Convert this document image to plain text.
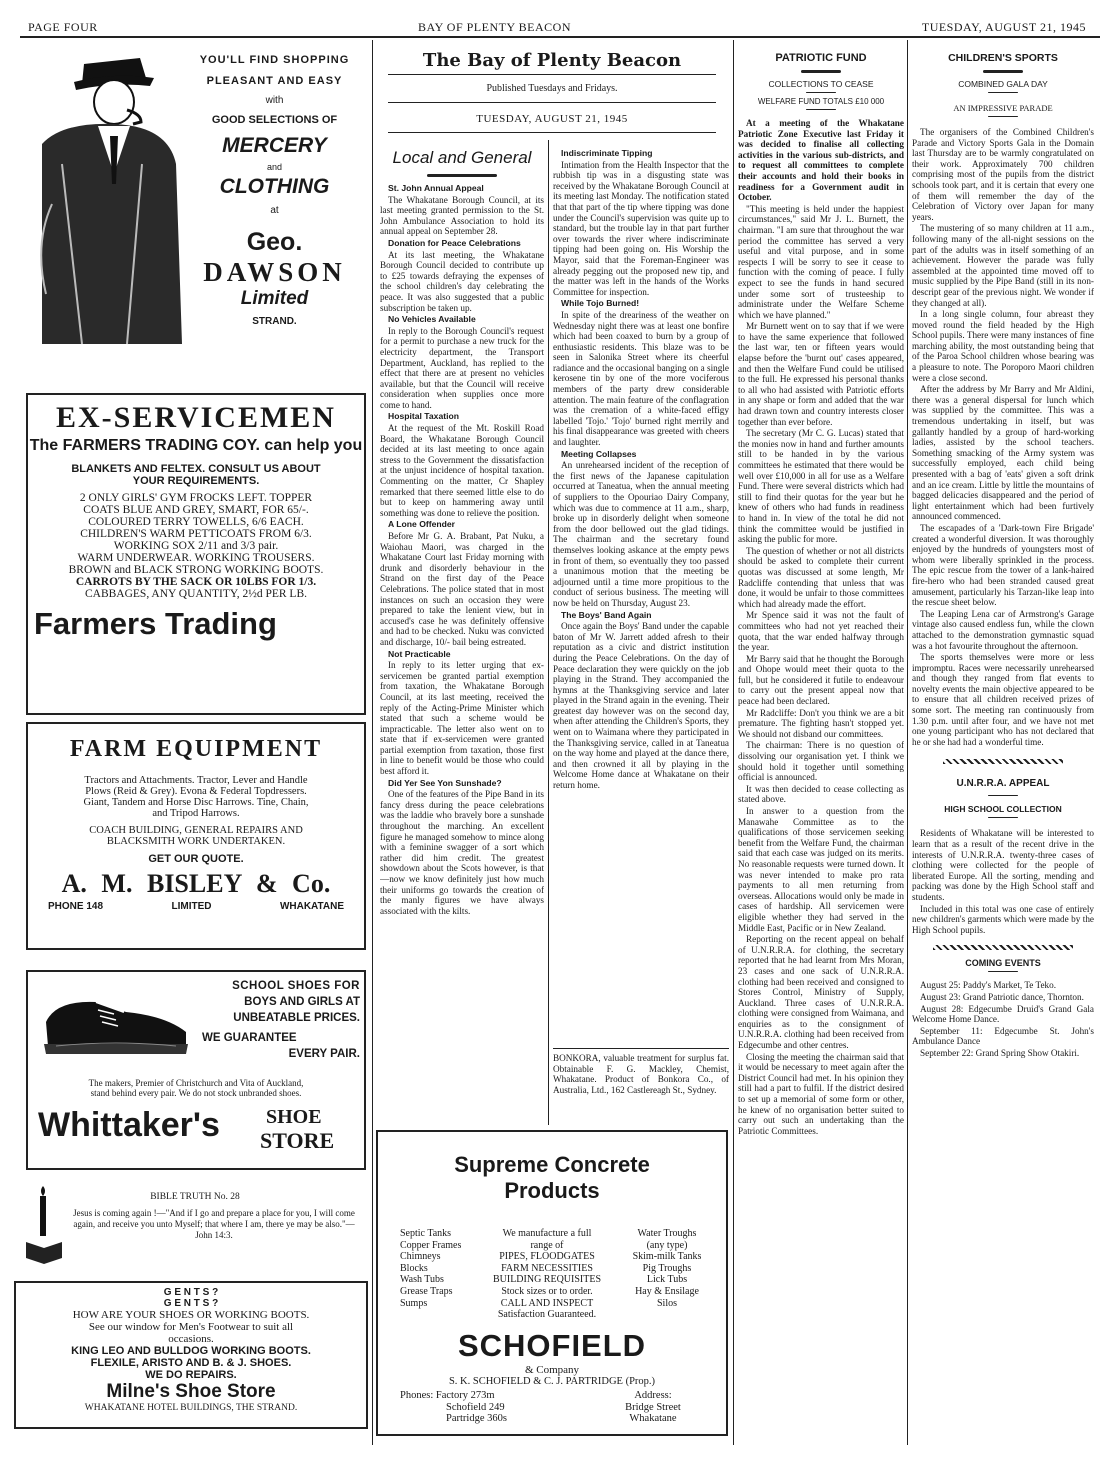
PAGE FOUR	BAY OF PLENTY BEACON	TUESDAY, AUGUST 21, 1945

YOU'LL FIND SHOPPING

PLEASANT AND EASY

with

GOOD SELECTIONS OF

MERCERY

and

CLOTHING

at

Geo.

DAWSON

Limited

STRAND.

EX-SERVICEMEN

The FARMERS TRADING COY. can help you

BLANKETS AND FELTEX. CONSULT US ABOUT

YOUR REQUIREMENTS.

2 ONLY GIRLS' GYM FROCKS LEFT. TOPPER

COATS BLUE AND GREY, SMART, FOR 65/-.

COLOURED TERRY TOWELLS, 6/6 EACH.

CHILDREN'S WARM PETTICOATS FROM 6/3.

WORKING SOX 2/11 and 3/3 pair.

WARM UNDERWEAR. WORKING TROUSERS.

BROWN and BLACK STRONG WORKING BOOTS.

CARROTS BY THE SACK OR 10LBS FOR 1/3.

CABBAGES, ANY QUANTITY, 2½d PER LB.

Farmers Trading

FARM EQUIPMENT

Tractors and Attachments. Tractor, Lever and Handle

Plows (Reid & Grey). Evona & Federal Topdressers.

Giant, Tandem and Horse Disc Harrows. Tine, Chain,

and Tripod Harrows.

COACH BUILDING, GENERAL REPAIRS AND

BLACKSMITH WORK UNDERTAKEN.

GET OUR QUOTE.

A. M. BISLEY & Co.

PHONE 148	LIMITED	WHAKATANE

SCHOOL SHOES FOR

BOYS AND GIRLS AT

UNBEATABLE PRICES.

WE GUARANTEE

EVERY PAIR.

The makers, Premier of Christchurch and Vita of Auckland,

stand behind every pair. We do not stock unbranded shoes.

Whittaker's SHOE
STORE

BIBLE TRUTH No. 28

Jesus is coming again !—"And if I go and prepare a place for you, I will come again, and receive you unto Myself; that where I am, there ye may be also."—John 14:3.

G E N T S ?

G E N T S ?

HOW ARE YOUR SHOES OR WORKING BOOTS.

See our window for Men's Footwear to suit all

occasions.

KING LEO AND BULLDOG WORKING BOOTS.

FLEXILE, ARISTO AND B. & J. SHOES.

WE DO REPAIRS.

Milne's Shoe Store

WHAKATANE HOTEL BUILDINGS, THE STRAND.

The Bay of Plenty Beacon

Published Tuesdays and Fridays.

TUESDAY, AUGUST 21, 1945

Local and General

St. John Annual Appeal

The Whakatane Borough Council, at its last meeting granted permission to the St. John Ambulance Association to hold its annual appeal on September 28.

Donation for Peace Celebrations

At its last meeting, the Whakatane Borough Council decided to contribute up to £25 towards defraying the expenses of the school children's day celebrating the peace. It was also suggested that a public subscription be taken up.

No Vehicles Available

In reply to the Borough Council's request for a permit to purchase a new truck for the electricity department, the Transport Department, Auckland, has replied to the effect that there are at present no vehicles available, but that the Council will receive consideration when supplies once more come to hand.

Hospital Taxation

At the request of the Mt. Roskill Road Board, the Whakatane Borough Council decided at its last meeting to once again stress to the Government the dissatisfaction at the unjust incidence of hospital taxation. Commenting on the matter, Cr Shapley remarked that there seemed little else to do but to keep on hammering away until something was done to relieve the position.

A Lone Offender

Before Mr G. A. Brabant, Pat Nuku, a Waiohau Maori, was charged in the Whakatane Court last Friday morning with drunk and disorderly behaviour in the Strand on the first day of the Peace Celebrations. The police stated that in most instances on such an occasion they were prepared to take the lenient view, but in accused's case he was definitely offensive and had to be checked. Nuku was convicted and discharge, 10/- bail being estreated.

Not Practicable

In reply to its letter urging that ex-servicemen be granted partial exemption from taxation, the Whakatane Borough Council, at its last meeting, received the reply of the Acting-Prime Minister which stated that such a scheme would be impracticable. The letter also went on to state that if ex-servicemen were granted partial exemption from taxation, those first in line to benefit would be those who could best afford it.

Did Yer See Yon Sunshade?

One of the features of the Pipe Band in its fancy dress during the peace celebrations was the laddie who bravely bore a sunshade throughout the marching. An excellent figure he managed somehow to mince along with a feminine swagger of a sort which rather did him credit. The greatest showdown about the Scots however, is that—now we know definitely just how much their uniforms go towards the creation of the manly figures we have always associated with the kilts.

Indiscriminate Tipping

Intimation from the Health Inspector that the rubbish tip was in a disgusting state was received by the Whakatane Borough Council at its meeting last Monday. The notification stated that that part of the tip where tipping was done under the Council's supervision was quite up to standard, but the trouble lay in that part further over towards the river where indiscriminate tipping had been going on. His Worship the Mayor, said that the Foreman-Engineer was already pegging out the proposed new tip, and the matter was left in the hands of the Works Committee for inspection.

While Tojo Burned!

In spite of the dreariness of the weather on Wednesday night there was at least one bonfire which had been coaxed to burn by a group of enthusiastic residents. This blaze was to be seen in Salonika Street where its cheerful radiance and the occasional banging on a single kerosene tin by one of the more vociferous members of the party drew considerable attention. The main feature of the conflagration was the cremation of a white-faced effigy labelled 'Tojo.' 'Tojo' burned right merrily and his final disappearance was greeted with cheers and laughter.

Meeting Collapses

An unrehearsed incident of the reception of the first news of the Japanese capitulation occurred at Taneatua, when the annual meeting of suppliers to the Opouriao Dairy Company, which was due to commence at 11 a.m., sharp, broke up in disorderly delight when someone from the door bellowed out the glad tidings. The chairman and the secretary found themselves looking askance at the empty pews in front of them, so eventually they too passed a unanimous motion that the meeting be adjourned until a time more propitious to the conduct of serious business. The meeting will now be held on Thursday, August 23.

The Boys' Band Again

Once again the Boys' Band under the capable baton of Mr W. Jarrett added afresh to their reputation as a civic and district institution during the Peace Celebrations. On the day of Peace declaration they were quickly on the job playing in the Strand. They accompanied the hymns at the Thanksgiving service and later played in the Strand again in the evening. Their greatest day however was on the second day, when after attending the Children's Sports, they went on to Waimana where they participated in the Thanksgiving service, called in at Taneatua on the way home and played at the dance there, and then crowned it all by playing in the Welcome Home dance at Whakatane on their return home.

BONKORA, valuable treatment for surplus fat. Obtainable F. G. Mackley, Chemist, Whakatane. Product of Bonkora Co., of Australia, Ltd., 162 Castlereagh St., Sydney.

Supreme Concrete

Products

Septic Tanks

Copper Frames

Chimneys

Blocks

Wash Tubs

Grease Traps

Sumps

We manufacture a full

range of

PIPES, FLOODGATES

FARM NECESSITIES

BUILDING REQUISITES

Stock sizes or to order.

CALL AND INSPECT

Satisfaction Guaranteed.

Water Troughs

(any type)

Skim-milk Tanks

Pig Troughs

Lick Tubs

Hay & Ensilage

Silos

SCHOFIELD

& Company

S. K. SCHOFIELD & C. J. PARTRIDGE (Prop.)

Phones: Factory 273m

Schofield 249

Partridge 360s

Address:

Bridge Street

Whakatane

PATRIOTIC FUND

COLLECTIONS TO CEASE

WELFARE FUND TOTALS £10 000

At a meeting of the Whakatane Patriotic Zone Executive last Friday it was decided to finalise all collecting activities in the various sub-districts, and to request all committees to complete their accounts and hold their books in readiness for a Government audit in October.

"This meeting is held under the happiest circumstances," said Mr J. L. Burnett, the chairman. "I am sure that throughout the war period the committee has served a very useful and vital purpose, and in some respects I will be sorry to see it cease to function with the coming of peace. I fully expect to see the funds in hand secured under some sort of trusteeship to administrate under the Welfare Scheme which we have planned."

Mr Burnett went on to say that if we were to have the same experience that followed the last war, ten or fifteen years would elapse before the 'burnt out' cases appeared, and then the Welfare Fund could be utilised to the full. He expressed his personal thanks to all who had assisted with Patriotic efforts in any shape or form and added that the war had drawn town and country interests closer together than ever before.

The secretary (Mr C. G. Lucas) stated that the monies now in hand and further amounts still to be handed in by the various committees he estimated that there would be well over £10,000 in all for use as a Welfare Fund. There were several districts which had still to find their quotas for the year but he knew of others who had funds in readiness to hand in. In view of the total he did not think the committee would be justified in asking the public for more.

The question of whether or not all districts should be asked to complete their current quotas was discussed at some length, Mr Radcliffe contending that unless that was done, it would be unfair to those committees which had already made the effort.

Mr Spence said it was not the fault of committees who had not yet reached their quota, that the war ended halfway through the year.

Mr Barry said that he thought the Borough and Ohope would meet their quota to the full, but he considered it futile to endeavour to carry out the present appeal now that peace had been declared.

Mr Radcliffe: Don't you think we are a bit premature. The fighting hasn't stopped yet. We should not disband our committees.

The chairman: There is no question of dissolving our organisation yet. I think we should hold it together until something official is announced.

It was then decided to cease collecting as stated above.

In answer to a question from the Manawahe Committee as to the qualifications of those servicemen seeking benefit from the Welfare Fund, the chairman said that each case was judged on its merits. No reasonable requests were turned down. It was never intended to make pro rata payments to all men returning from overseas. Allocations would only be made in cases of hardship. All servicemen were eligible whether they had served in the Middle East, Pacific or in New Zealand.

Reporting on the recent appeal on behalf of U.N.R.R.A. for clothing, the secretary reported that he had learnt from Mrs Moran, 23 cases and one sack of U.N.R.R.A. clothing had been received and consigned to Stores Control, Ministry of Supply, Auckland. Three cases of U.N.R.R.A. clothing were consigned from Waimana, and enquiries as to the consignment of U.N.R.R.A. clothing had been received from Edgecumbe and other centres.

Closing the meeting the chairman said that it would be necessary to meet again after the District Council had met. In his opinion they still had a part to fulfil. If the district desired to set up a memorial of some form or other, he knew of no organisation better suited to carry out such an undertaking than the Patriotic Committees.

CHILDREN'S SPORTS

COMBINED GALA DAY

AN IMPRESSIVE PARADE

The organisers of the Combined Children's Parade and Victory Sports Gala in the Domain last Thursday are to be warmly congratulated on their work. Approximately 700 children comprising most of the pupils from the district schools took part, and it is certain that every one of them will remember the day of the Celebration of Victory over Japan for many years.

The mustering of so many children at 11 a.m., following many of the all-night sessions on the part of the adults was in itself something of an achievement. However the parade was fully assembled at the appointed time moved off to music supplied by the Pipe Band (still in its non-descript gear of the previous night. We wonder if they changed at all).

In a long single column, four abreast they moved round the field headed by the High School pupils. There were many instances of fine marching ability, the most outstanding being that of the Paroa School children whose bearing was a pleasure to note. The Poroporo Maori children were a close second.

After the address by Mr Barry and Mr Aldini, there was a general dispersal for lunch which was supplied by the committee. This was a tremendous undertaking in itself, but was gallantly handled by a group of hard-working ladies, assisted by the school teachers. Something smacking of the Army system was successfully employed, each child being presented with a bag of 'eats' given a soft drink and an ice cream. Little by little the mountains of bagged delicacies disappeared and the period of light entertainment which had been furtively announced commenced.

The escapades of a 'Dark-town Fire Brigade' created a wonderful diversion. It was thoroughly enjoyed by the hundreds of youngsters most of whom were liberally sprinkled in the process. The epic rescue from the tower of a lank-haired fire-hero who had been stranded caused great amusement, particularly his Tarzan-like leap into the rescue sheet below.

The Leaping Lena car of Armstrong's Garage vintage also caused endless fun, while the clown attached to the demonstration gymnastic squad was a hot favourite throughout the afternoon.

The sports themselves were more or less impromptu. Races were necessarily unrehearsed and though they ranged from flat events to novelty events the main objective appeared to be to ensure that all children received prizes of some sort. The meeting ran continuously from 1.30 p.m. until after four, and we have not met one young participant who has not declared that he or she had had a wonderful time.

U.N.R.R.A. APPEAL

HIGH SCHOOL COLLECTION

Residents of Whakatane will be interested to learn that as a result of the recent drive in the interests of U.N.R.R.A. twenty-three cases of clothing were collected for the people of liberated Europe. All the sorting, mending and packing was done by the High School staff and students.

Included in this total was one case of entirely new children's garments which were made by the High School pupils.

COMING EVENTS

August 25: Paddy's Market, Te Teko.

August 23: Grand Patriotic dance, Thornton.

August 28: Edgecumbe Druid's Grand Gala Welcome Home Dance.

September 11: Edgecumbe St. John's Ambulance Dance

September 22: Grand Spring Show Otakiri.
